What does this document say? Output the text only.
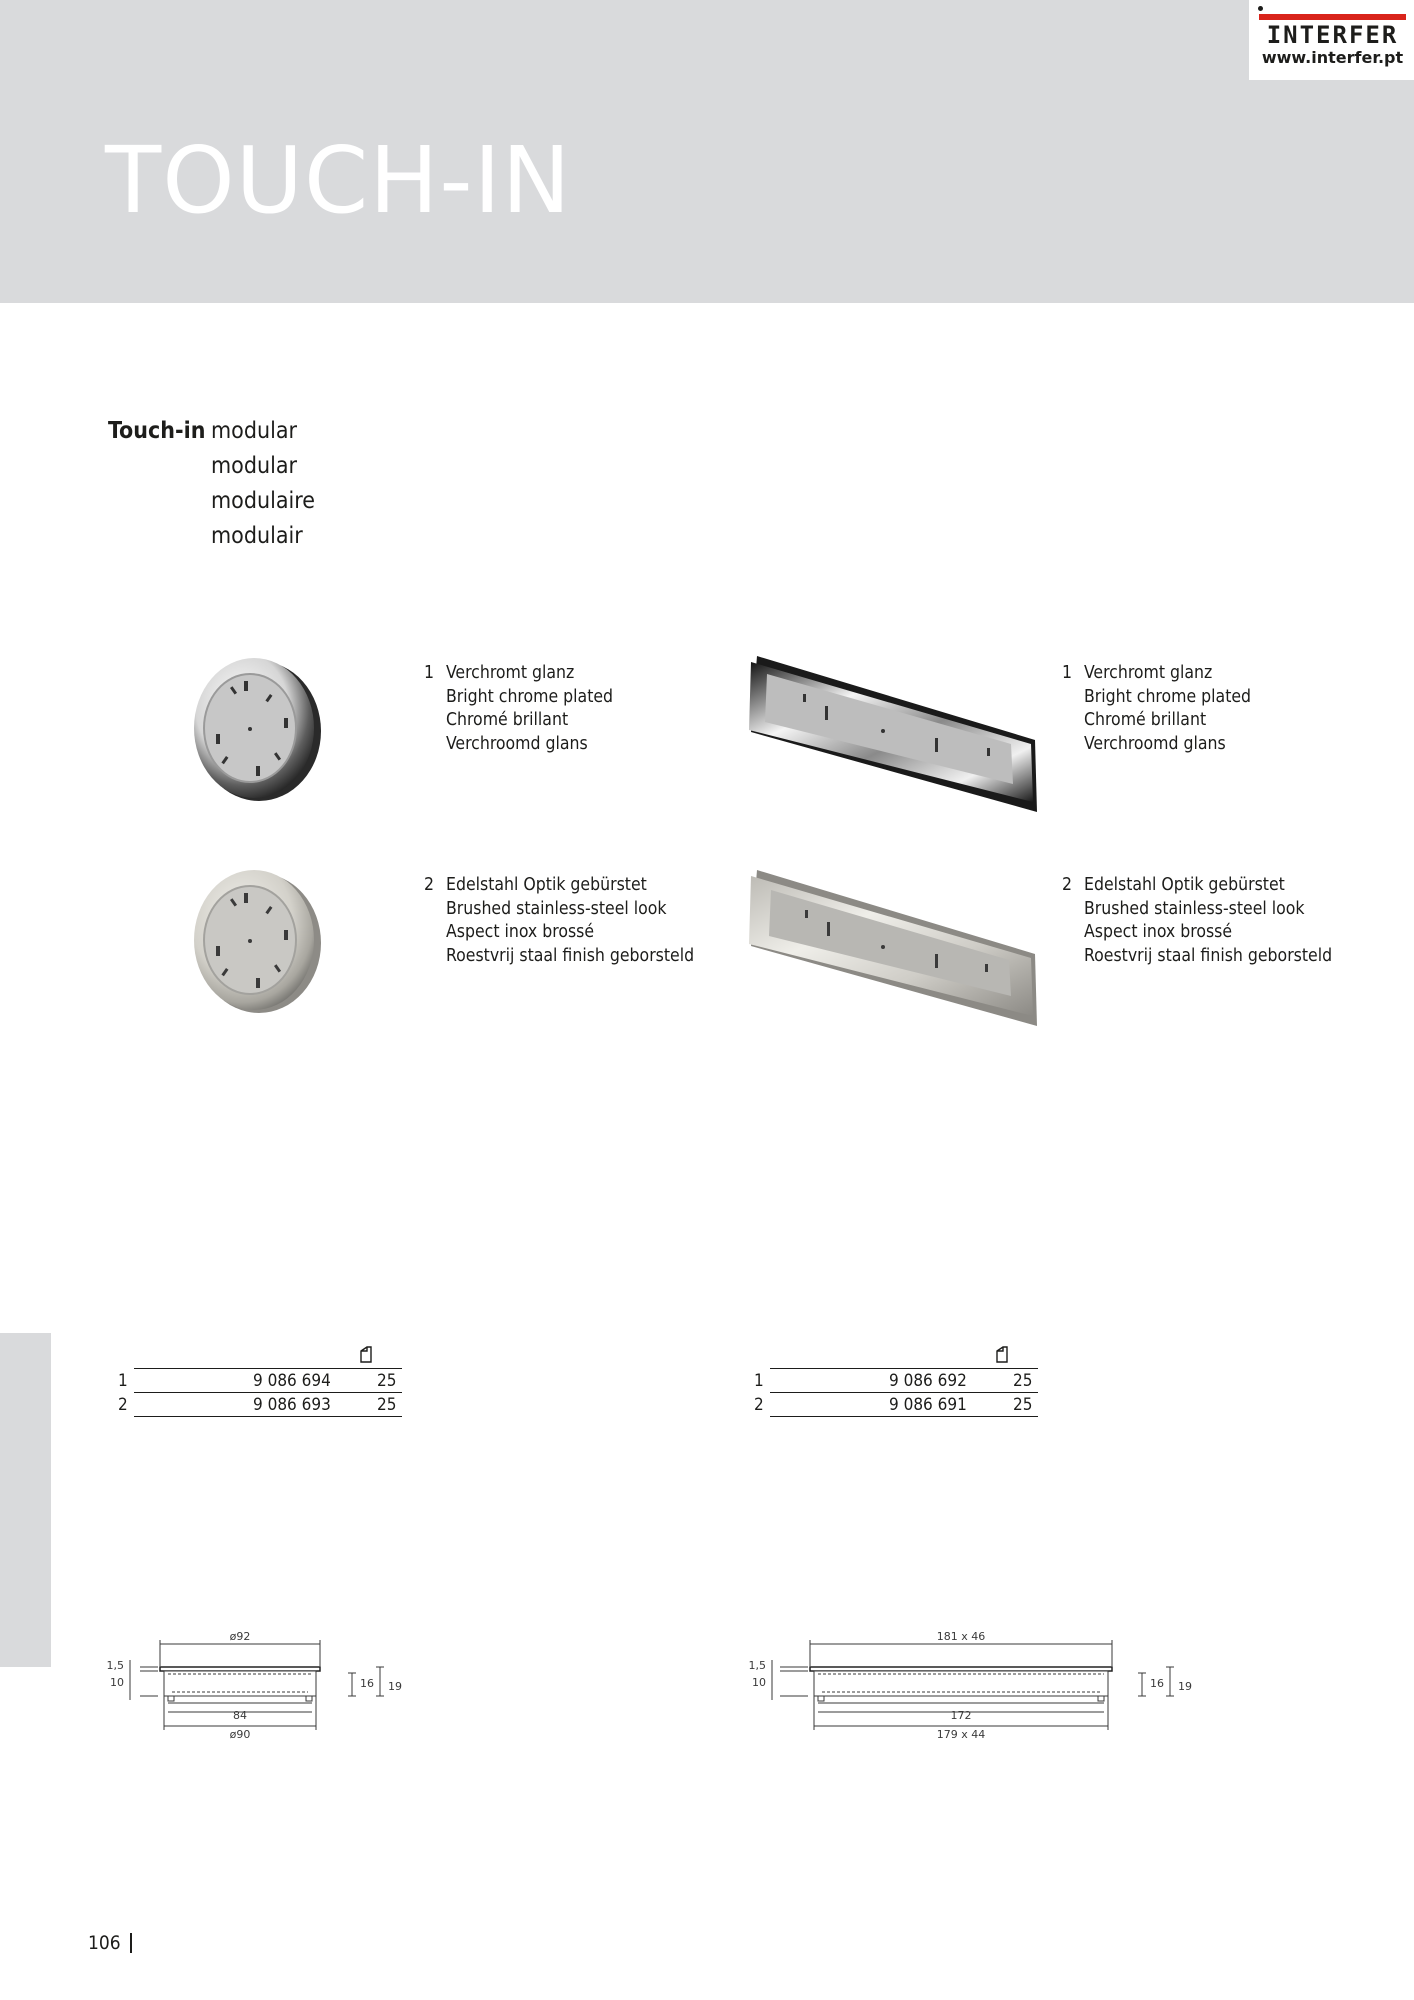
TOUCH-IN
INTERFER
www.interfer.pt
Touch-in modular
modular
modulaire
modulair
1 Verchromt glanz
Bright chrome plated
Chromé brillant
Verchroomd glans
2 Edelstahl Optik gebürstet
Brushed stainless-steel look
Aspect inox brossé
Roestvrij staal finish geborsteld
1 Verchromt glanz
Bright chrome plated
Chromé brillant
Verchroomd glans
2 Edelstahl Optik gebürstet
Brushed stainless-steel look
Aspect inox brossé
Roestvrij staal finish geborsteld
1	9 086 694	25
2	9 086 693	25
1	9 086 692	25
2	9 086 691	25
ø92
1,5
10	16 19
84
ø90
181 x 46
1,5
10	16 19
172
179 x 44
106
